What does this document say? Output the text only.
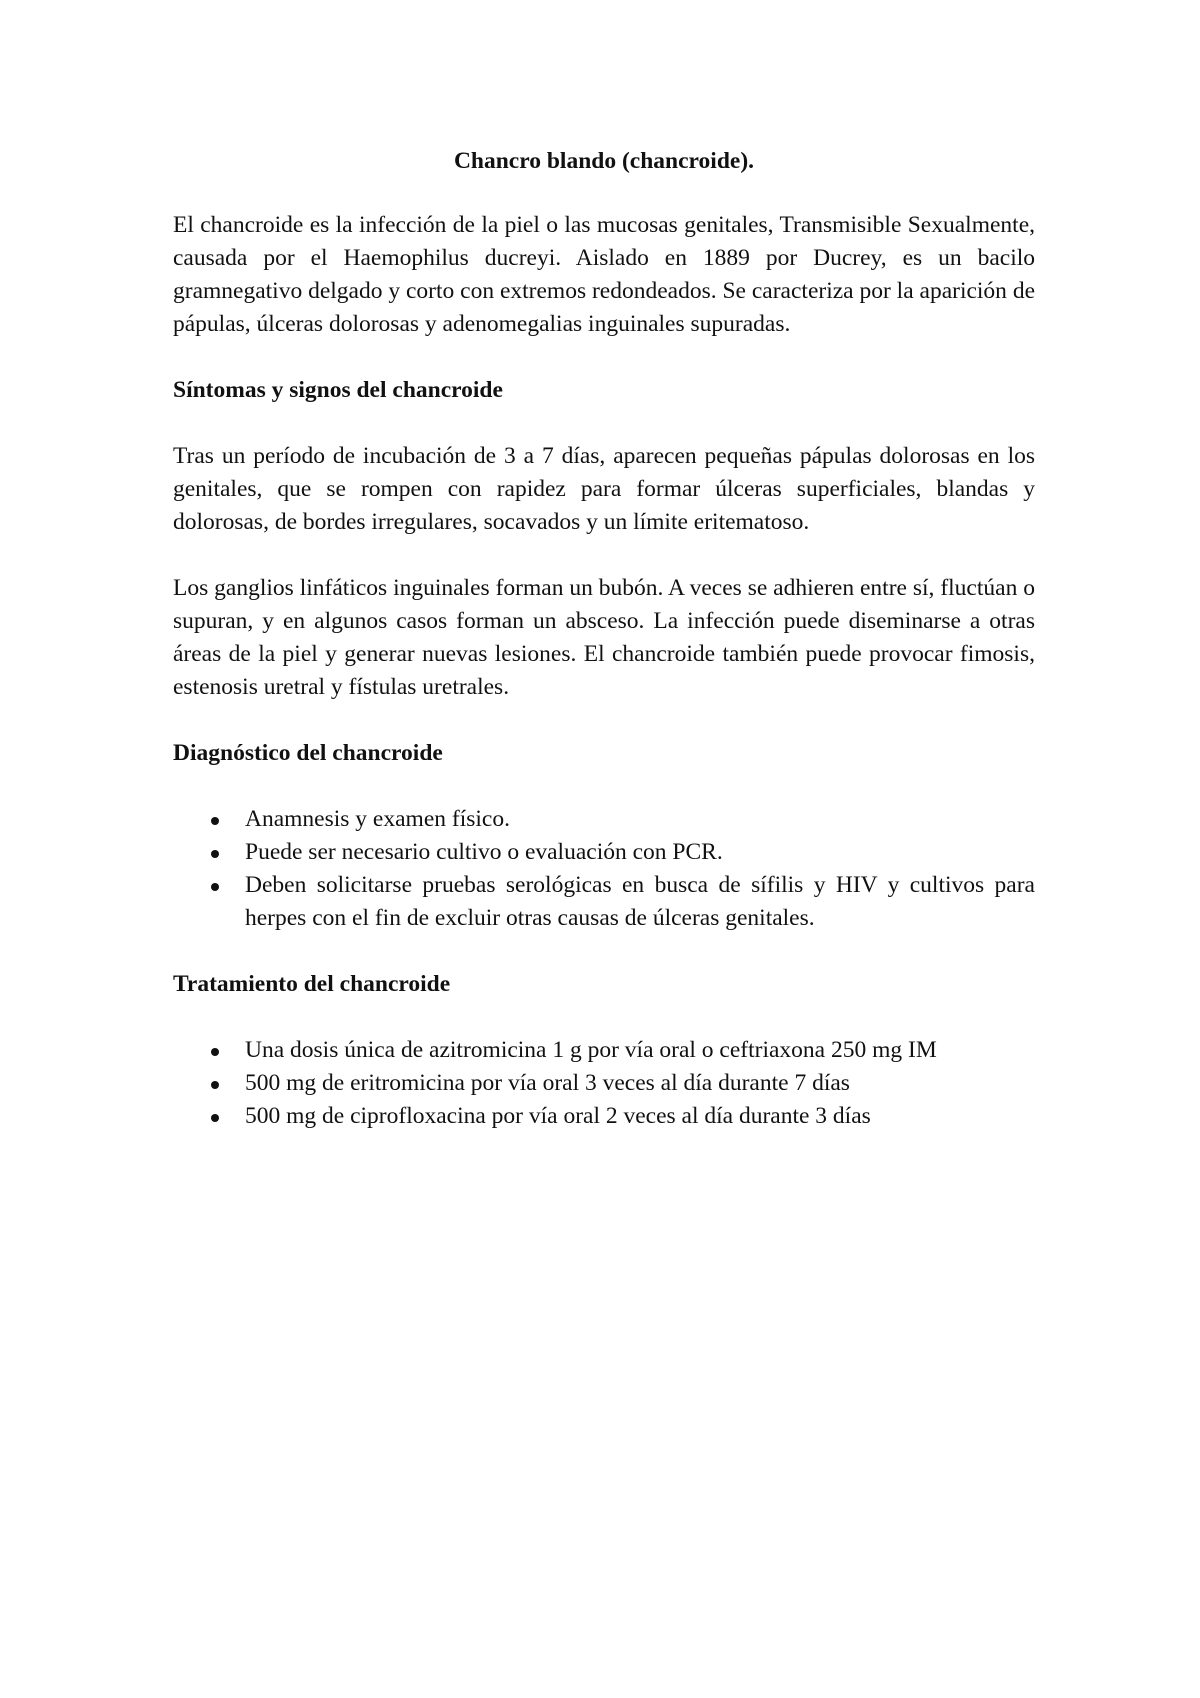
Chancro blando (chancroide).

El chancroide es la infección de la piel o las mucosas genitales, Transmisible Sexualmente, causada por el Haemophilus ducreyi. Aislado en 1889 por Ducrey, es un bacilo gramnegativo delgado y corto con extremos redondeados. Se caracteriza por la aparición de pápulas, úlceras dolorosas y adenomegalias inguinales supuradas.

Síntomas y signos del chancroide

Tras un período de incubación de 3 a 7 días, aparecen pequeñas pápulas dolorosas en los genitales, que se rompen con rapidez para formar úlceras superficiales, blandas y dolorosas, de bordes irregulares, socavados y un límite eritematoso.

Los ganglios linfáticos inguinales forman un bubón. A veces se adhieren entre sí, fluctúan o supuran, y en algunos casos forman un absceso. La infección puede diseminarse a otras áreas de la piel y generar nuevas lesiones. El chancroide también puede provocar fimosis, estenosis uretral y fístulas uretrales.

Diagnóstico del chancroide
Anamnesis y examen físico.
Puede ser necesario cultivo o evaluación con PCR.
Deben solicitarse pruebas serológicas en busca de sífilis y HIV y cultivos para herpes con el fin de excluir otras causas de úlceras genitales.
Tratamiento del chancroide
Una dosis única de azitromicina 1 g por vía oral o ceftriaxona 250 mg IM
500 mg de eritromicina por vía oral 3 veces al día durante 7 días
500 mg de ciprofloxacina por vía oral 2 veces al día durante 3 días
